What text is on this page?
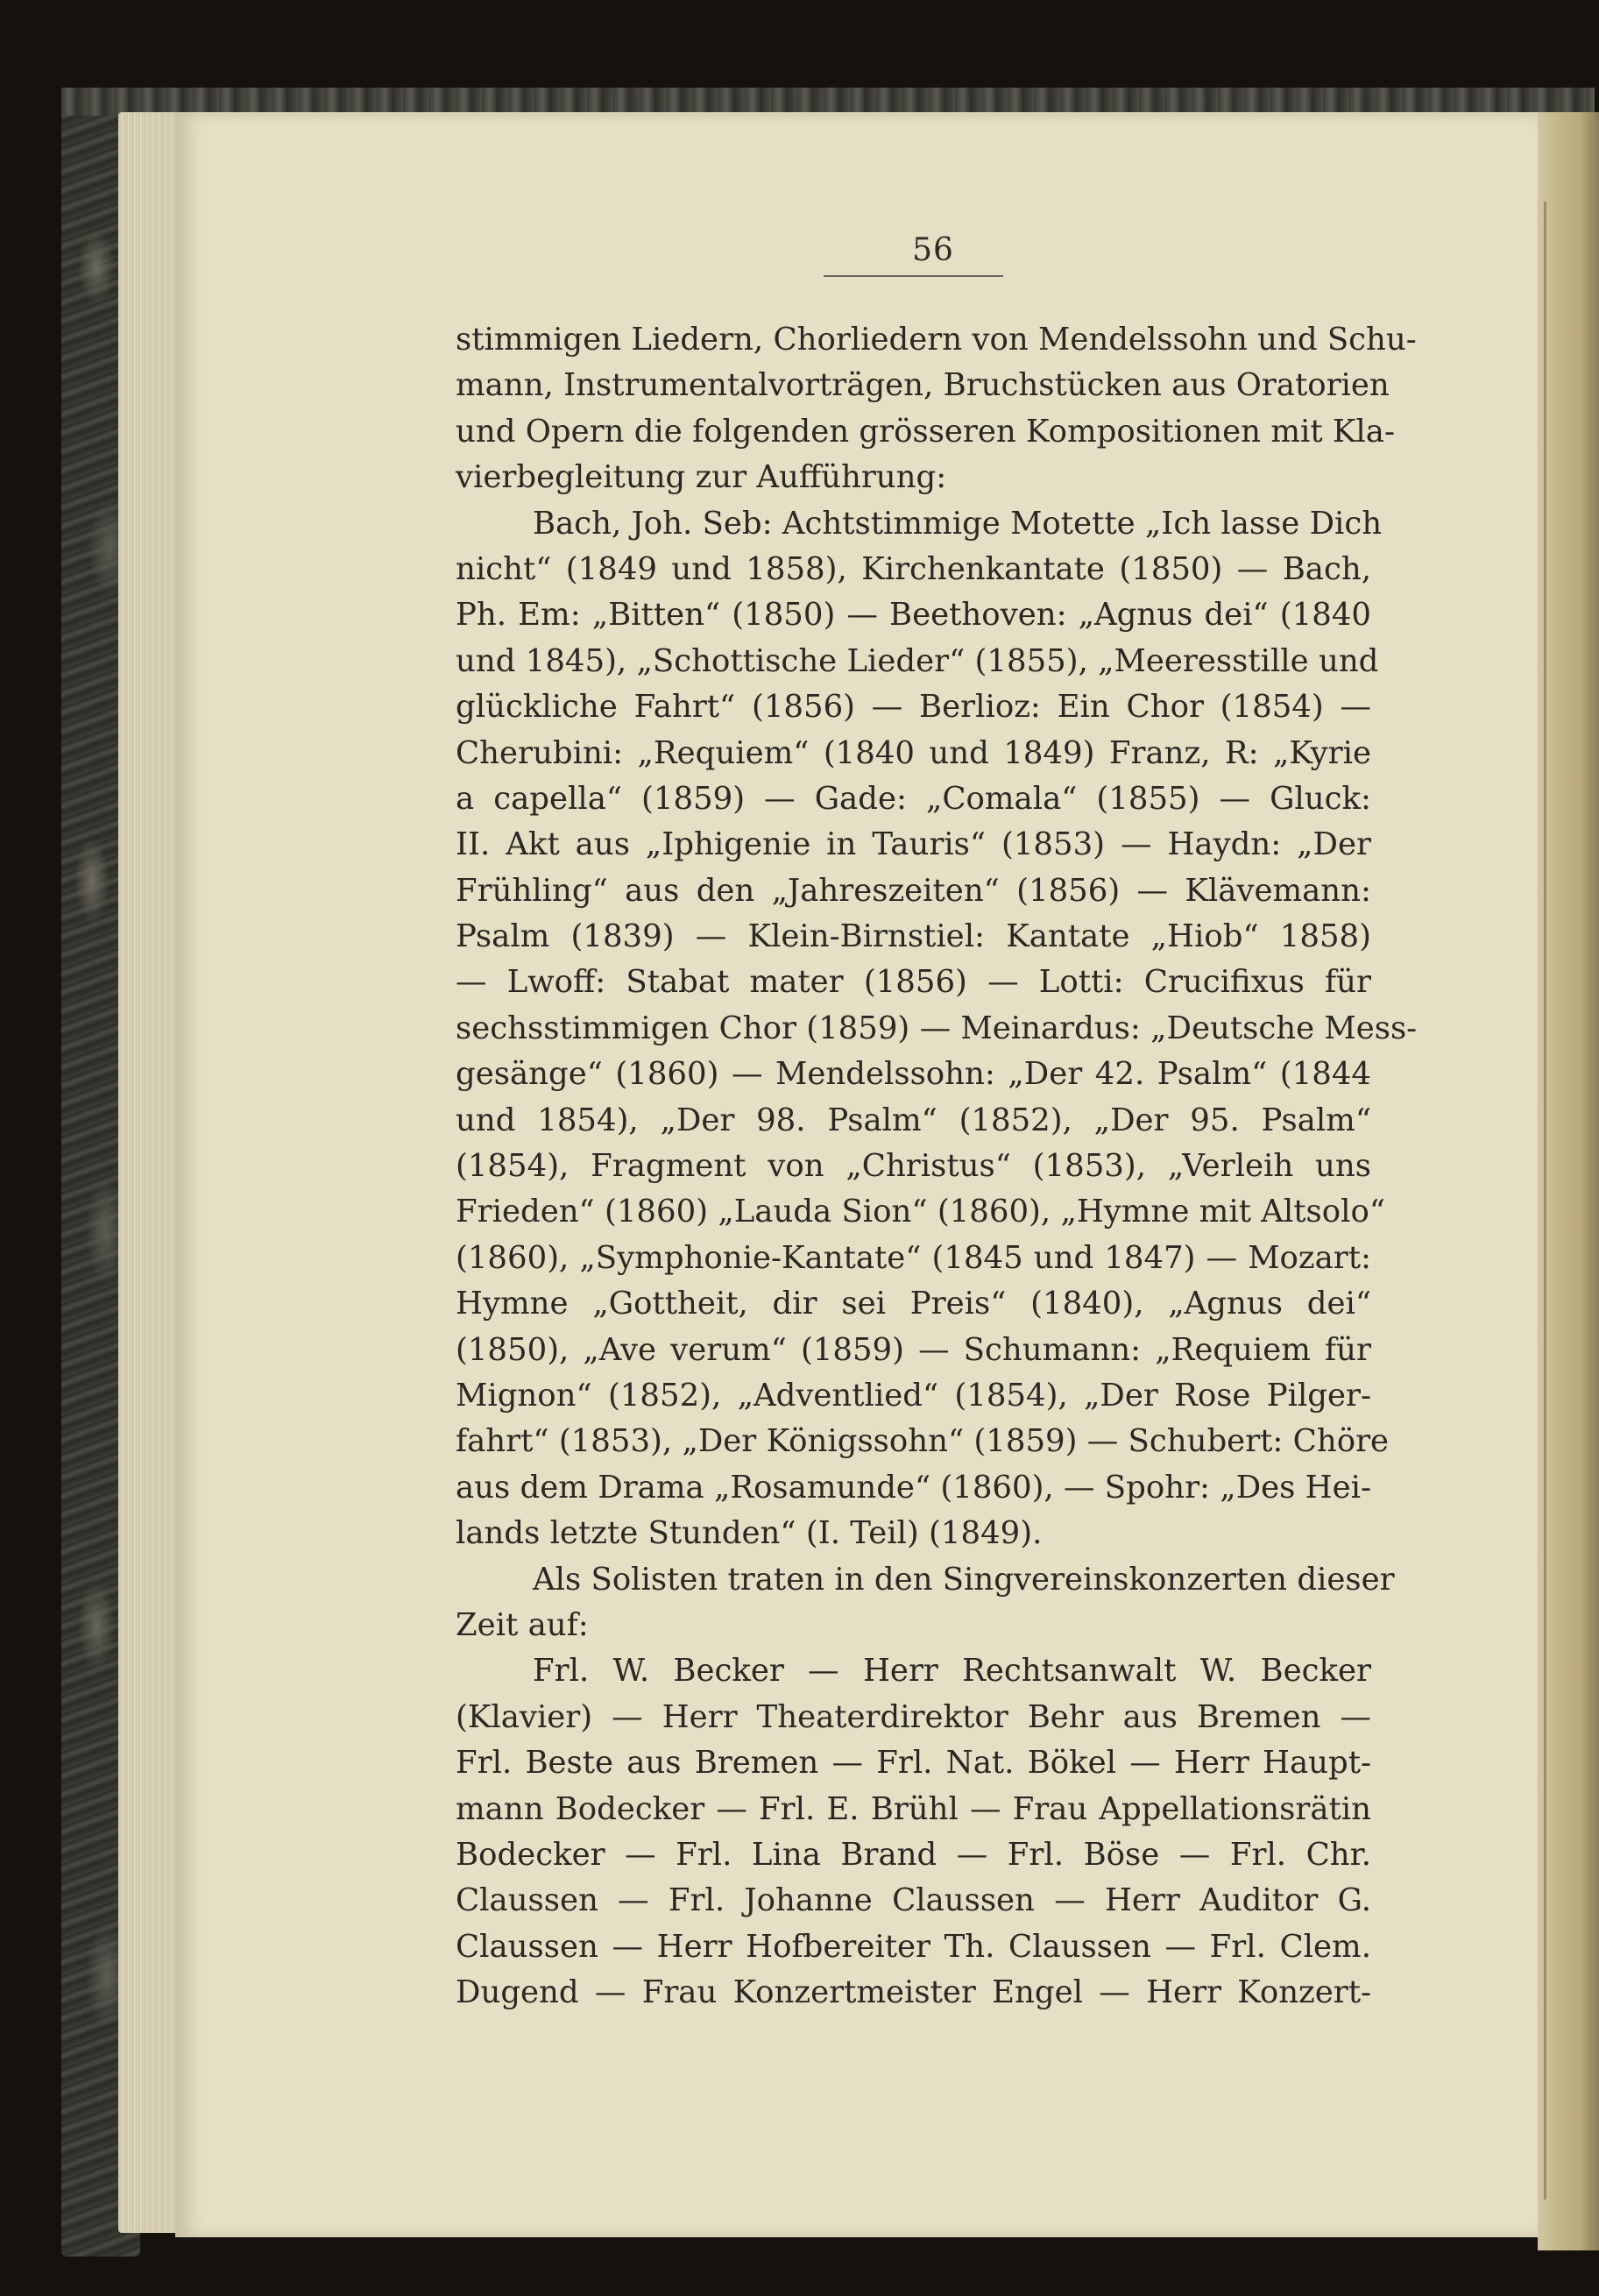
56
stimmigen Liedern, Chorliedern von Mendelssohn und Schu-
mann, Instrumentalvorträgen, Bruchstücken aus Oratorien
und Opern die folgenden grösseren Kompositionen mit Kla-
vierbegleitung zur Aufführung:
Bach, Joh. Seb: Achtstimmige Motette „Ich lasse Dich
nicht“ (1849 und 1858), Kirchenkantate (1850) — Bach,
Ph. Em: „Bitten“ (1850) — Beethoven: „Agnus dei“ (1840
und 1845), „Schottische Lieder“ (1855), „Meeresstille und
glückliche Fahrt“ (1856) — Berlioz: Ein Chor (1854) —
Cherubini: „Requiem“ (1840 und 1849) Franz, R: „Kyrie
a capella“ (1859) — Gade: „Comala“ (1855) — Gluck:
II. Akt aus „Iphigenie in Tauris“ (1853) — Haydn: „Der
Frühling“ aus den „Jahreszeiten“ (1856) — Klävemann:
Psalm (1839) — Klein-Birnstiel: Kantate „Hiob“ 1858)
— Lwoff: Stabat mater (1856) — Lotti: Crucifixus für
sechsstimmigen Chor (1859) — Meinardus: „Deutsche Mess-
gesänge“ (1860) — Mendelssohn: „Der 42. Psalm“ (1844
und 1854), „Der 98. Psalm“ (1852), „Der 95. Psalm“
(1854), Fragment von „Christus“ (1853), „Verleih uns
Frieden“ (1860) „Lauda Sion“ (1860), „Hymne mit Altsolo“
(1860), „Symphonie-Kantate“ (1845 und 1847) — Mozart:
Hymne „Gottheit, dir sei Preis“ (1840), „Agnus dei“
(1850), „Ave verum“ (1859) — Schumann: „Requiem für
Mignon“ (1852), „Adventlied“ (1854), „Der Rose Pilger-
fahrt“ (1853), „Der Königssohn“ (1859) — Schubert: Chöre
aus dem Drama „Rosamunde“ (1860), — Spohr: „Des Hei-
lands letzte Stunden“ (I. Teil) (1849).
Als Solisten traten in den Singvereinskonzerten dieser
Zeit auf:
Frl. W. Becker — Herr Rechtsanwalt W. Becker
(Klavier) — Herr Theaterdirektor Behr aus Bremen —
Frl. Beste aus Bremen — Frl. Nat. Bökel — Herr Haupt-
mann Bodecker — Frl. E. Brühl — Frau Appellationsrätin
Bodecker — Frl. Lina Brand — Frl. Böse — Frl. Chr.
Claussen — Frl. Johanne Claussen — Herr Auditor G.
Claussen — Herr Hofbereiter Th. Claussen — Frl. Clem.
Dugend — Frau Konzertmeister Engel — Herr Konzert-
